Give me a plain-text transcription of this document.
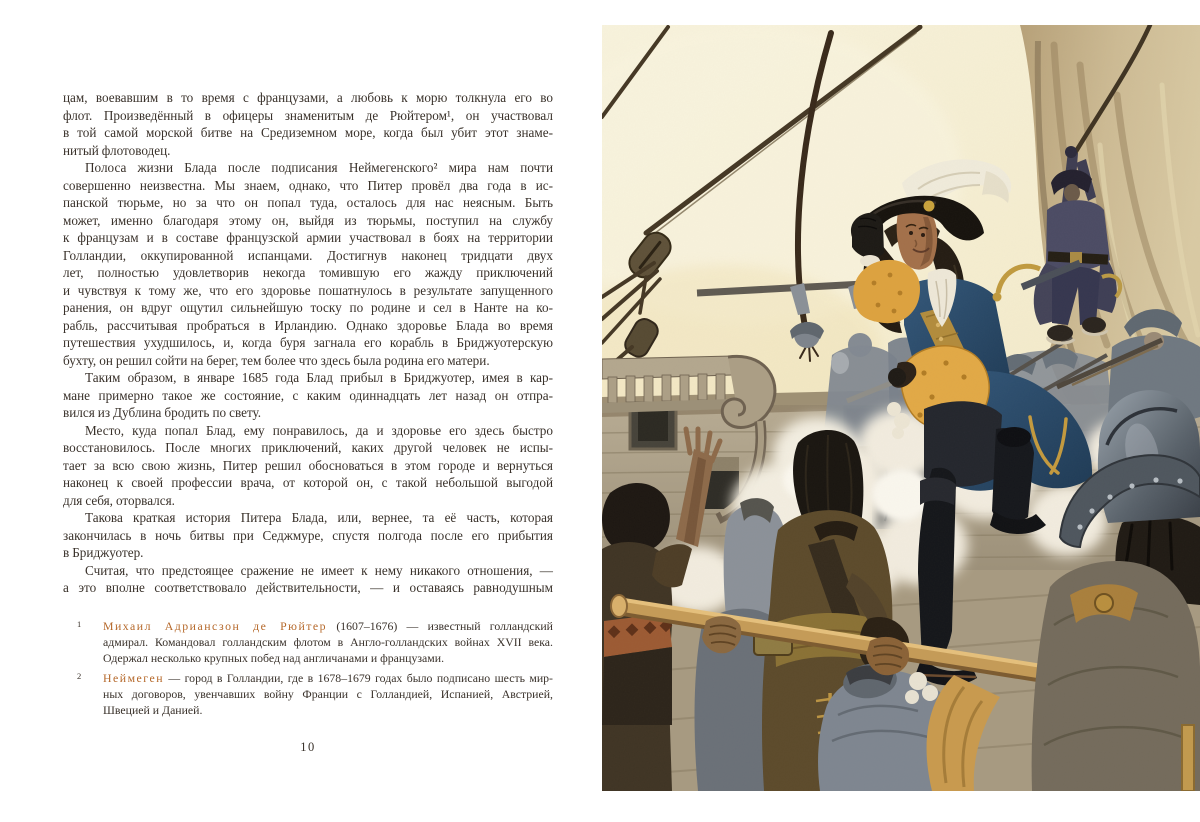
цам, воевавшим в то время с французами, а любовь к морю толкнула его во
флот. Произведённый в офицеры знаменитым де Рюйтером¹, он участвовал
в той самой морской битве на Средиземном море, когда был убит этот знаме-
нитый флотоводец.
Полоса жизни Блада после подписания Неймегенского² мира нам почти
совершенно неизвестна. Мы знаем, однако, что Питер провёл два года в ис-
панской тюрьме, но за что он попал туда, осталось для нас неясным. Быть
может, именно благодаря этому он, выйдя из тюрьмы, поступил на службу
к французам и в составе французской армии участвовал в боях на территории
Голландии, оккупированной испанцами. Достигнув наконец тридцати двух
лет, полностью удовлетворив некогда томившую его жажду приключений
и чувствуя к тому же, что его здоровье пошатнулось в результате запущенного
ранения, он вдруг ощутил сильнейшую тоску по родине и сел в Нанте на ко-
рабль, рассчитывая пробраться в Ирландию. Однако здоровье Блада во время
путешествия ухудшилось, и, когда буря загнала его корабль в Бриджуотерскую
бухту, он решил сойти на берег, тем более что здесь была родина его матери.
Таким образом, в январе 1685 года Блад прибыл в Бриджуотер, имея в кар-
мане примерно такое же состояние, с каким одиннадцать лет назад он отпра-
вился из Дублина бродить по свету.
Место, куда попал Блад, ему понравилось, да и здоровье его здесь быстро
восстановилось. После многих приключений, каких другой человек не испы-
тает за всю свою жизнь, Питер решил обосноваться в этом городе и вернуться
наконец к своей профессии врача, от которой он, с такой небольшой выгодой
для себя, оторвался.
Такова краткая история Питера Блада, или, вернее, та её часть, которая
закончилась в ночь битвы при Седжмуре, спустя полгода после его прибытия
в Бриджуотер.
Считая, что предстоящее сражение не имеет к нему никакого отношения, —
а это вполне соответствовало действительности, — и оставаясь равнодушным
1 Михаил Адриансзон де Рюйтер (1607–1676) — известный голландский
адмирал. Командовал голландским флотом в Англо-голландских войнах XVII века.
Одержал несколько крупных побед над англичанами и французами.
2 Неймеген — город в Голландии, где в 1678–1679 годах было подписано шесть мир-
ных договоров, увенчавших войну Франции с Голландией, Испанией, Австрией,
Швецией и Данией.
10
